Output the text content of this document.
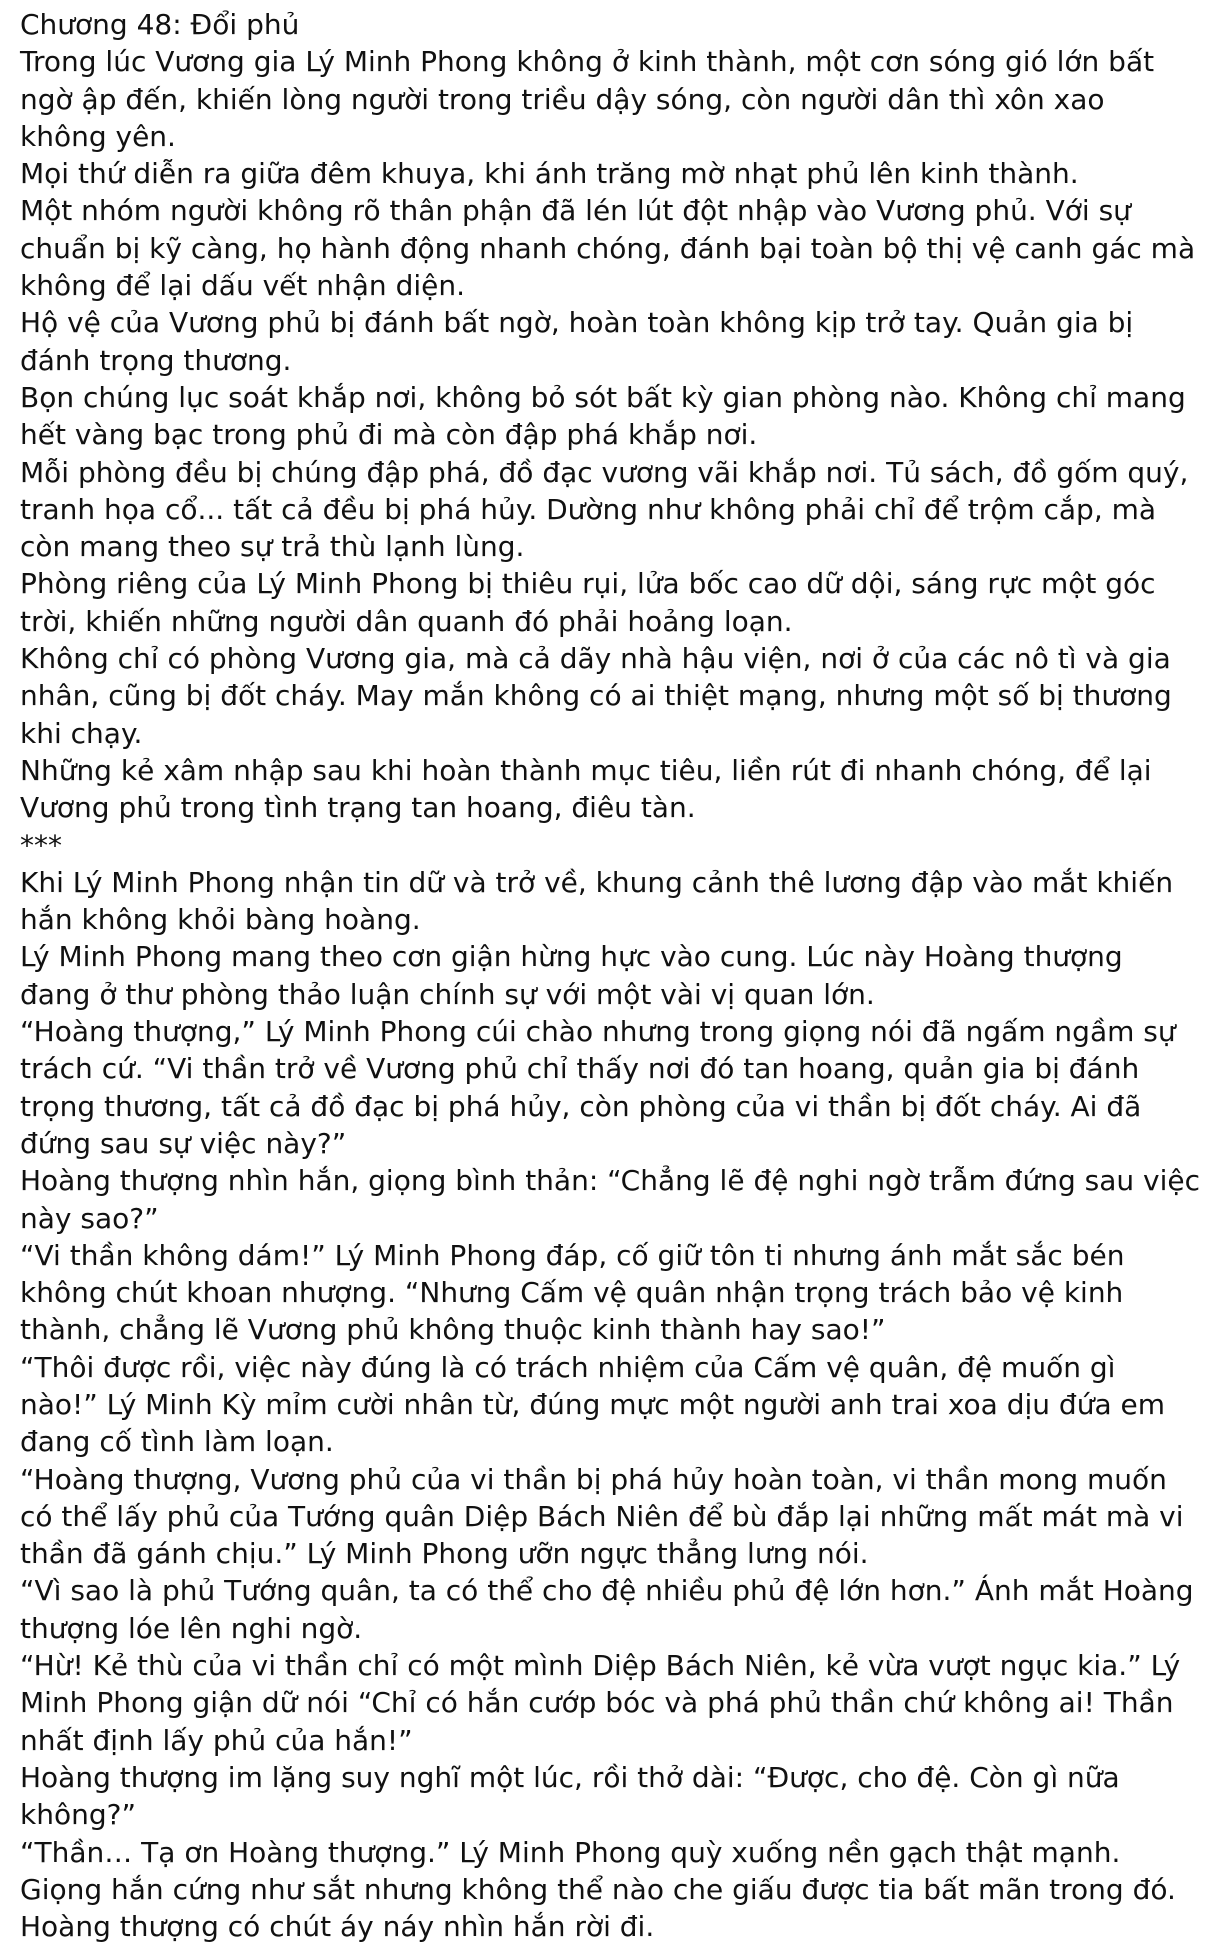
Chương 48: Đổi phủ

Trong lúc Vương gia Lý Minh Phong không ở kinh thành, một cơn sóng gió lớn bất ngờ ập đến, khiến lòng người trong triều dậy sóng, còn người dân thì xôn xao không yên.

Mọi thứ diễn ra giữa đêm khuya, khi ánh trăng mờ nhạt phủ lên kinh thành.

Một nhóm người không rõ thân phận đã lén lút đột nhập vào Vương phủ. Với sự chuẩn bị kỹ càng, họ hành động nhanh chóng, đánh bại toàn bộ thị vệ canh gác mà không để lại dấu vết nhận diện.

Hộ vệ của Vương phủ bị đánh bất ngờ, hoàn toàn không kịp trở tay. Quản gia bị đánh trọng thương.

Bọn chúng lục soát khắp nơi, không bỏ sót bất kỳ gian phòng nào. Không chỉ mang hết vàng bạc trong phủ đi mà còn đập phá khắp nơi.

Mỗi phòng đều bị chúng đập phá, đồ đạc vương vãi khắp nơi. Tủ sách, đồ gốm quý, tranh họa cổ... tất cả đều bị phá hủy. Dường như không phải chỉ để trộm cắp, mà còn mang theo sự trả thù lạnh lùng.

Phòng riêng của Lý Minh Phong bị thiêu rụi, lửa bốc cao dữ dội, sáng rực một góc trời, khiến những người dân quanh đó phải hoảng loạn.

Không chỉ có phòng Vương gia, mà cả dãy nhà hậu viện, nơi ở của các nô tì và gia nhân, cũng bị đốt cháy. May mắn không có ai thiệt mạng, nhưng một số bị thương khi chạy.

Những kẻ xâm nhập sau khi hoàn thành mục tiêu, liền rút đi nhanh chóng, để lại Vương phủ trong tình trạng tan hoang, điêu tàn.

***

Khi Lý Minh Phong nhận tin dữ và trở về, khung cảnh thê lương đập vào mắt khiến hắn không khỏi bàng hoàng.

Lý Minh Phong mang theo cơn giận hừng hực vào cung. Lúc này Hoàng thượng đang ở thư phòng thảo luận chính sự với một vài vị quan lớn.

“Hoàng thượng,” Lý Minh Phong cúi chào nhưng trong giọng nói đã ngấm ngầm sự trách cứ. “Vi thần trở về Vương phủ chỉ thấy nơi đó tan hoang, quản gia bị đánh trọng thương, tất cả đồ đạc bị phá hủy, còn phòng của vi thần bị đốt cháy. Ai đã đứng sau sự việc này?”

Hoàng thượng nhìn hắn, giọng bình thản: “Chẳng lẽ đệ nghi ngờ trẫm đứng sau việc này sao?”

“Vi thần không dám!” Lý Minh Phong đáp, cố giữ tôn ti nhưng ánh mắt sắc bén không chút khoan nhượng. “Nhưng Cấm vệ quân nhận trọng trách bảo vệ kinh thành, chẳng lẽ Vương phủ không thuộc kinh thành hay sao!”

“Thôi được rồi, việc này đúng là có trách nhiệm của Cấm vệ quân, đệ muốn gì nào!” Lý Minh Kỳ mỉm cười nhân từ, đúng mực một người anh trai xoa dịu đứa em đang cố tình làm loạn.

“Hoàng thượng, Vương phủ của vi thần bị phá hủy hoàn toàn, vi thần mong muốn có thể lấy phủ của Tướng quân Diệp Bách Niên để bù đắp lại những mất mát mà vi thần đã gánh chịu.” Lý Minh Phong ưỡn ngực thẳng lưng nói.

“Vì sao là phủ Tướng quân, ta có thể cho đệ nhiều phủ đệ lớn hơn.” Ánh mắt Hoàng thượng lóe lên nghi ngờ.

“Hừ! Kẻ thù của vi thần chỉ có một mình Diệp Bách Niên, kẻ vừa vượt ngục kia.” Lý Minh Phong giận dữ nói “Chỉ có hắn cướp bóc và phá phủ thần chứ không ai! Thần nhất định lấy phủ của hắn!”

Hoàng thượng im lặng suy nghĩ một lúc, rồi thở dài: “Được, cho đệ. Còn gì nữa không?”

“Thần… Tạ ơn Hoàng thượng.” Lý Minh Phong quỳ xuống nền gạch thật mạnh. Giọng hắn cứng như sắt nhưng không thể nào che giấu được tia bất mãn trong đó.

Hoàng thượng có chút áy náy nhìn hắn rời đi.
